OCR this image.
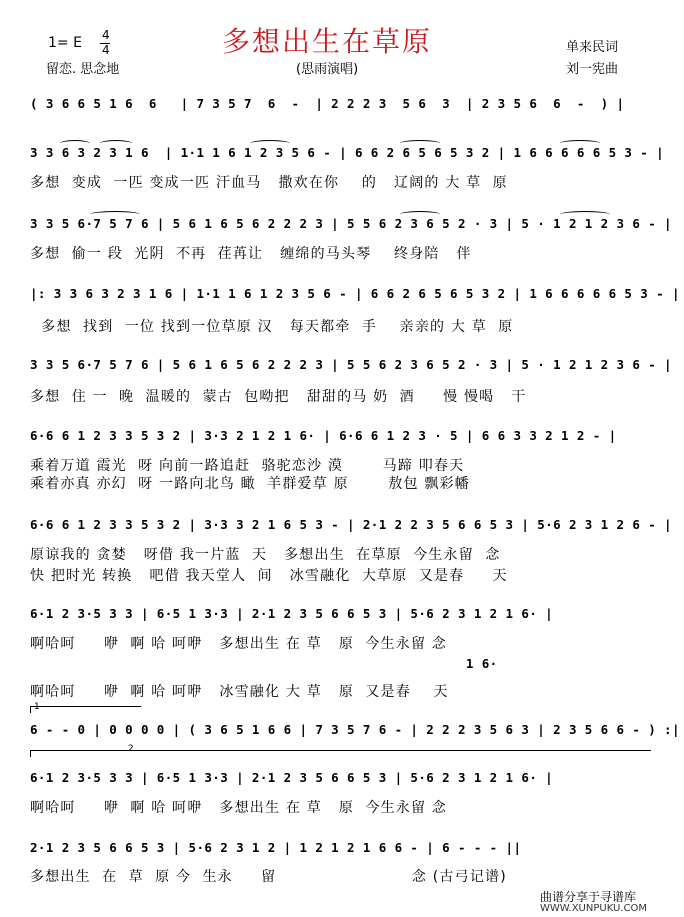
1= E 4
4	多想出生在草原	单来民词
留恋. 思念地	(思雨演唱)	刘一宪曲
( 3 6 6 5 1 6  6   | 7 3 5 7  6  -  | 2 2 2 3  5 6  3  | 2 3 5 6  6  -  ) |
3 3 6 3 2 3 1 6  | 1·1 1 6 1 2 3 5 6 - | 6 6 2 6 5 6 5 3 2 | 1 6 6 6 6 6 5 3 - |
多想  变成  一匹 变成一匹 汗血马   撒欢在你    的   辽阔的 大 草  原
3 3 5 6·7 5 7 6 | 5 6 1 6 5 6 2 2 2 3 | 5 5 6 2 3 6 5 2 · 3 | 5 · 1 2 1 2 3 6 - |
多想  偷一 段  光阴  不再  荏苒让   缠绵的马头琴    终身陪   伴
|: 3 3 6 3 2 3 1 6 | 1·1 1 6 1 2 3 5 6 - | 6 6 2 6 5 6 5 3 2 | 1 6 6 6 6 6 5 3 - |
多想  找到  一位 找到一位草原 汉   每天都牵  手    亲亲的 大 草  原
3 3 5 6·7 5 7 6 | 5 6 1 6 5 6 2 2 2 3 | 5 5 6 2 3 6 5 2 · 3 | 5 · 1 2 1 2 3 6 - |
多想  住 一  晚  温暖的  蒙古  包呦把   甜甜的马 奶  酒     慢 慢喝   干
6·6 6 1 2 3 3 5 3 2 | 3·3 2 1 2 1 6· | 6·6 6 1 2 3 · 5 | 6 6 3 3 2 1 2 - |
乘着万道 霞光  呀 向前一路追赶  骆驼恋沙 漠       马蹄 叩春天
乘着亦真 亦幻  呀 一路向北鸟 瞰  羊群爱草 原       敖包 飘彩幡
6·6 6 1 2 3 3 5 3 2 | 3·3 3 2 1 6 5 3 - | 2·1 2 2 3 5 6 6 5 3 | 5·6 2 3 1 2 6 - |
原谅我的 贪婪   呀借 我一片蓝  天   多想出生  在草原  今生永留  念
快 把时光 转换   吧借 我天堂人  间   冰雪融化  大草原  又是春     天
6·1 2 3·5 3 3 | 6·5 1 3·3 | 2·1 2 3 5 6 6 5 3 | 5·6 2 3 1 2 1 6· |
啊哈呵     咿  啊 哈 呵咿   多想出生 在 草   原  今生永留 念
1 6·
啊哈呵     咿  啊 哈 呵咿   冰雪融化 大 草   原  又是春    天
1
6 - - 0 | 0 0 0 0 | ( 3 6 5 1 6 6 | 7 3 5 7 6 - | 2 2 2 3 5 6 3 | 2 3 5 6 6 - ) :|
2
6·1 2 3·5 3 3 | 6·5 1 3·3 | 2·1 2 3 5 6 6 5 3 | 5·6 2 3 1 2 1 6· |
啊哈呵     咿  啊 哈 呵咿   多想出生 在 草   原  今生永留 念
2·1 2 3 5 6 6 5 3 | 5·6 2 3 1 2 | 1 2 1 2 1 6 6 - | 6 - - - ||
多想出生  在  草  原 今  生永     留                        念 (古弓记谱)
曲谱分享于寻谱库
WWW.XUNPUKU.COM
